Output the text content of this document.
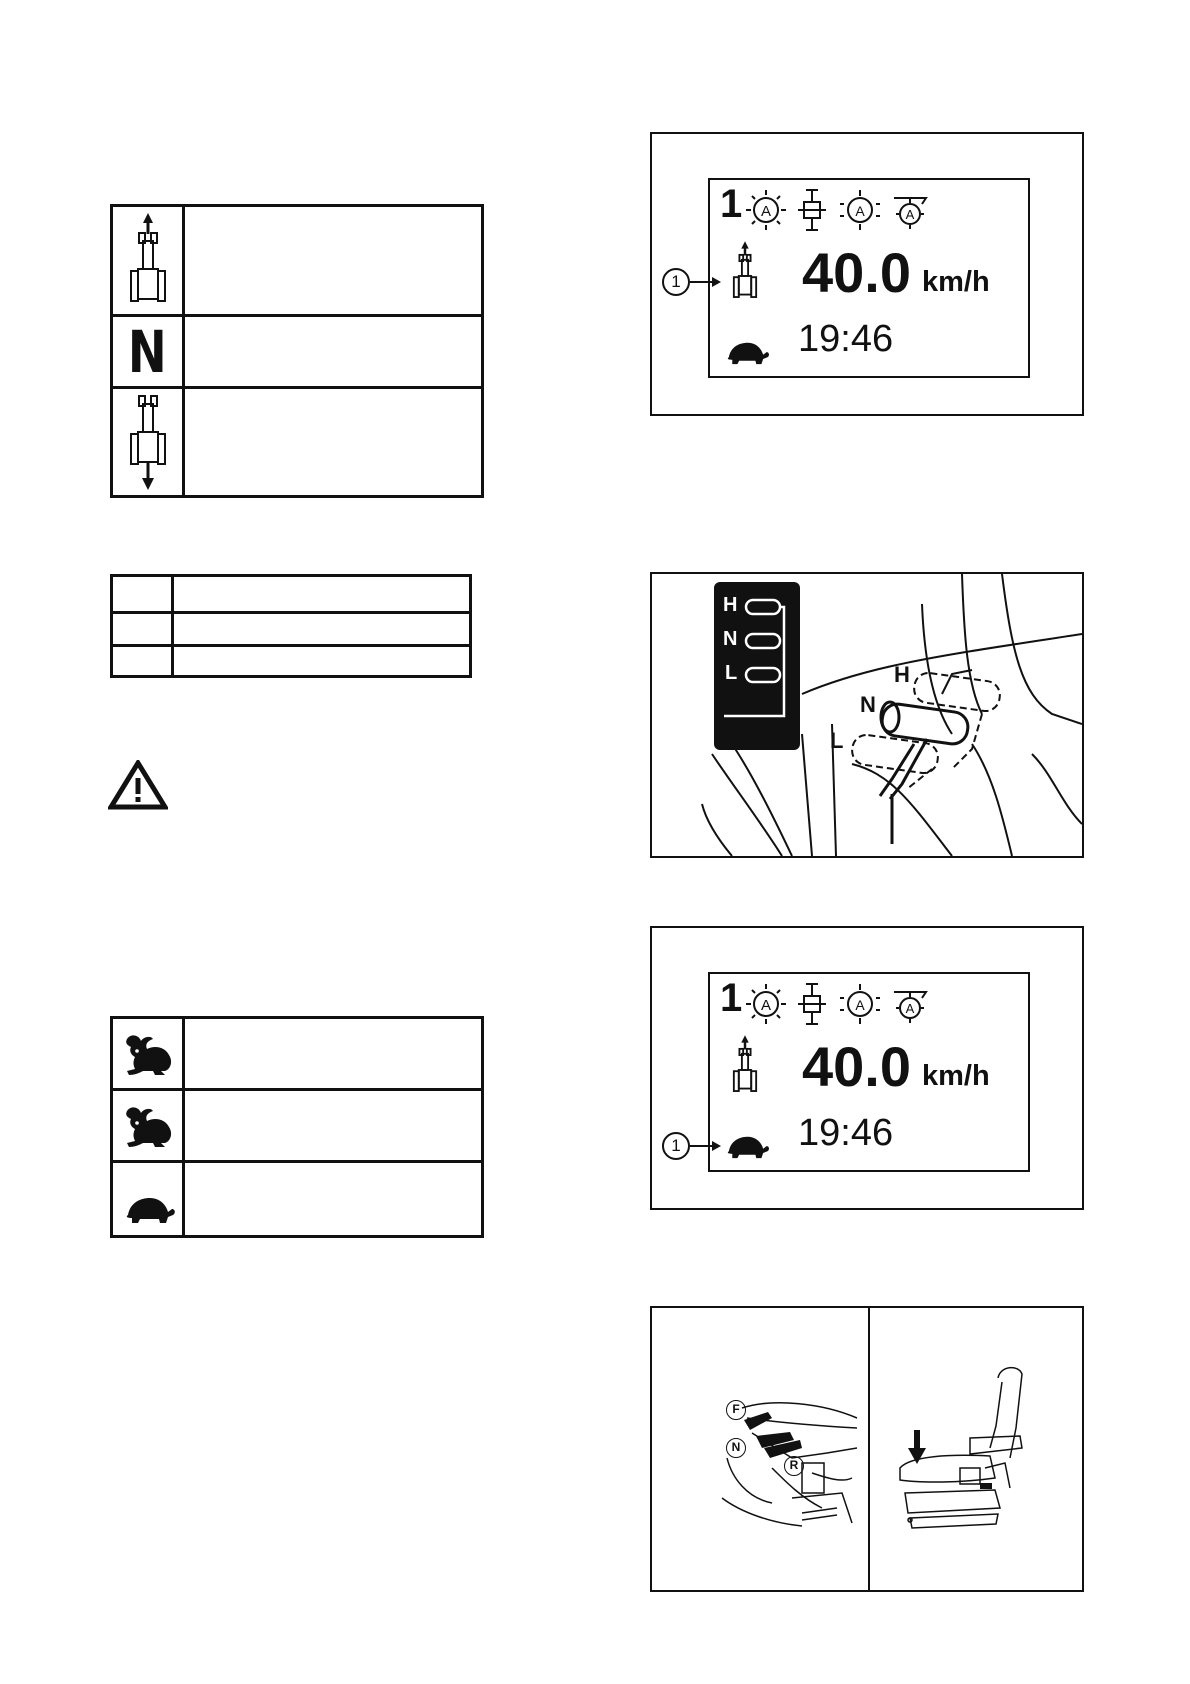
N
1 A	A	A
40.0 km/h
19:46
1
H
N
L	H
N
L
1 A	A	A
40.0 km/h
19:46
1
F
N
R
